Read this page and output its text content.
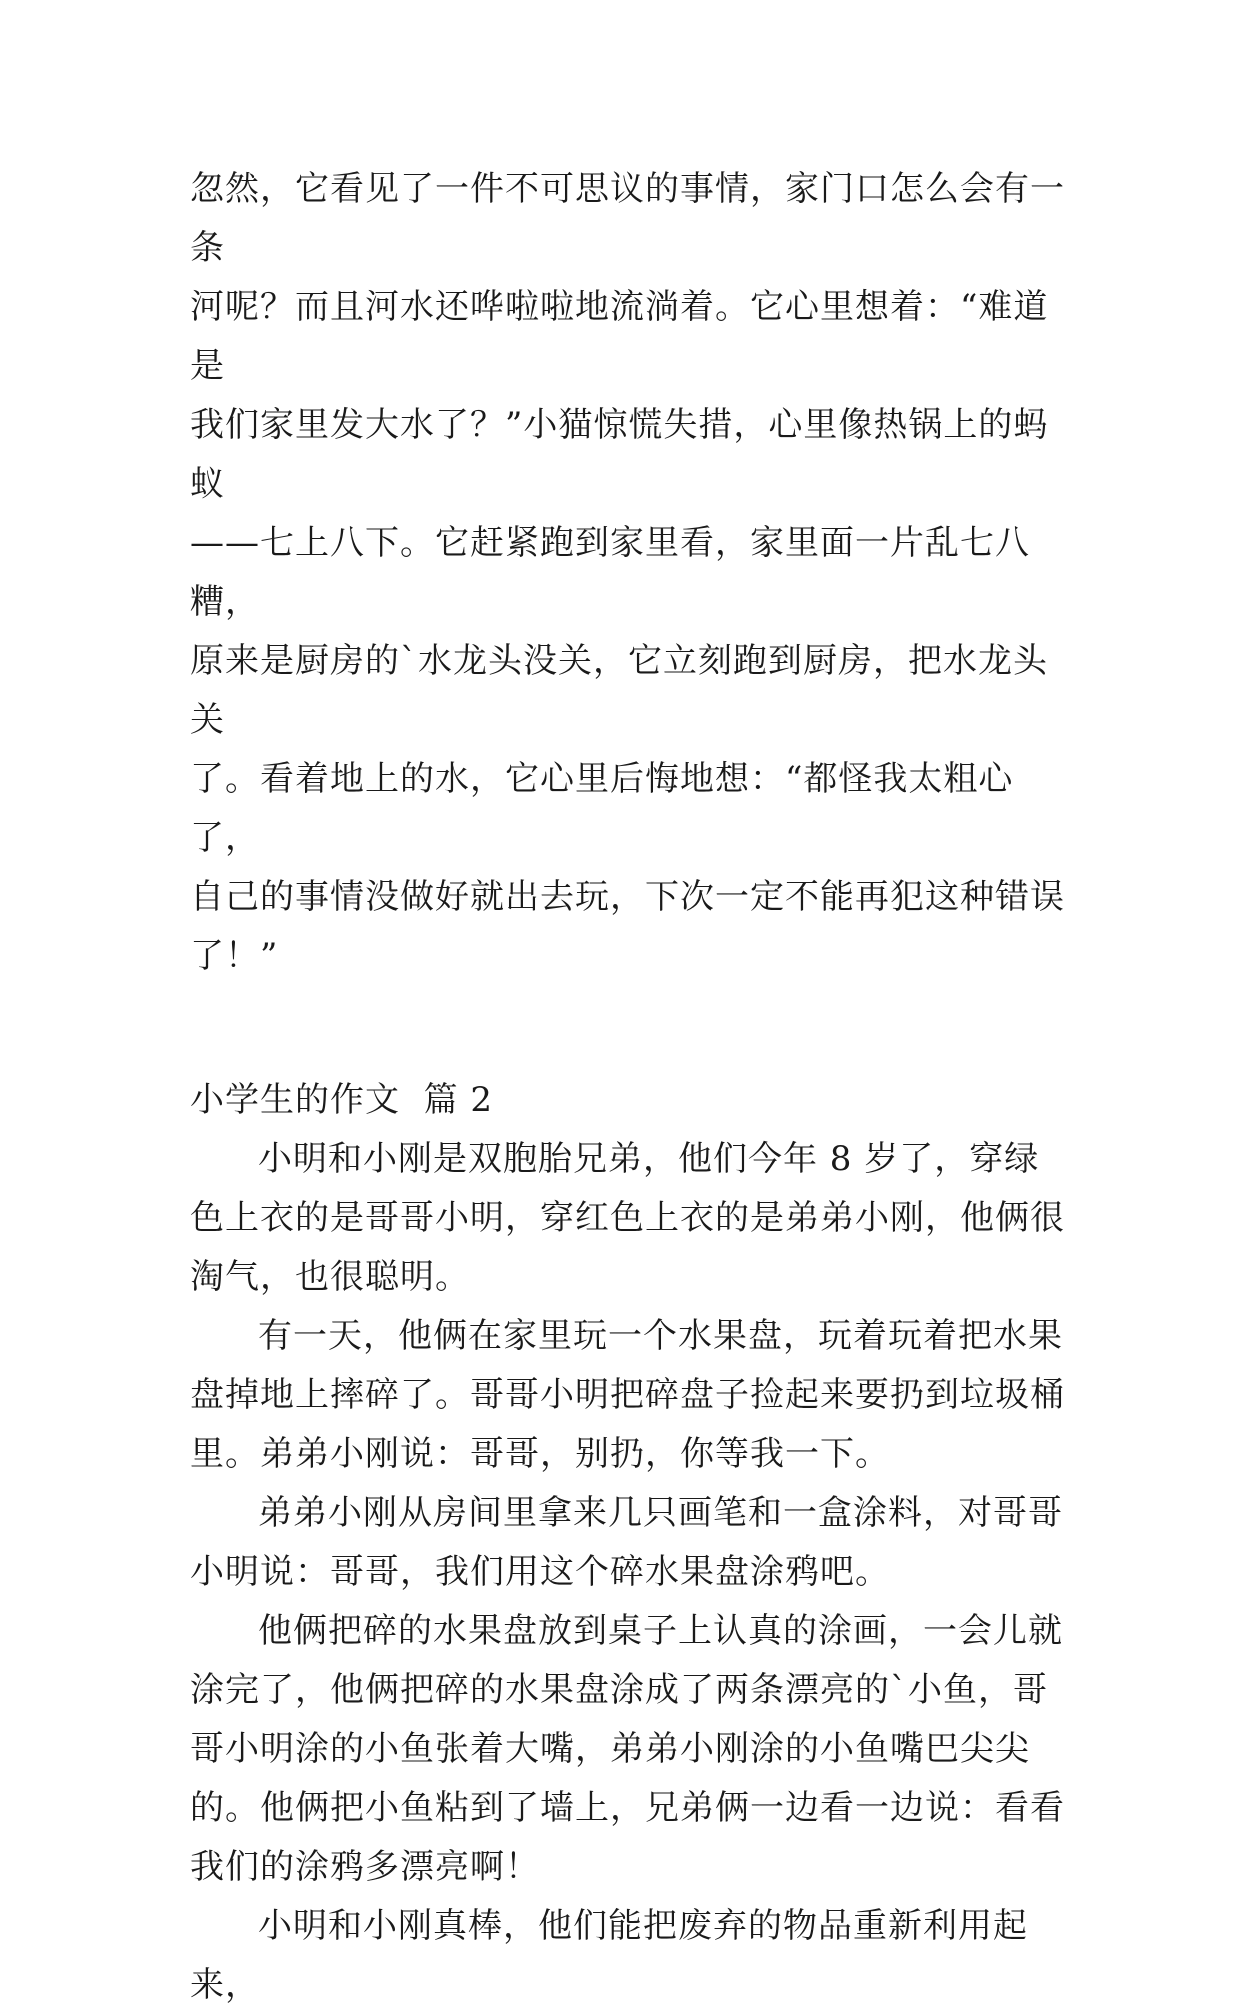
忽然，它看见了一件不可思议的事情，家门口怎么会有一条

河呢？而且河水还哗啦啦地流淌着。它心里想着：“难道是

我们家里发大水了？”小猫惊慌失措，心里像热锅上的蚂蚁

——七上八下。它赶紧跑到家里看，家里面一片乱七八糟，

原来是厨房的`水龙头没关，它立刻跑到厨房，把水龙头关

了。看着地上的水，它心里后悔地想：“都怪我太粗心了，

自己的事情没做好就出去玩，下次一定不能再犯这种错误

了！”

小学生的作文  篇 2

小明和小刚是双胞胎兄弟，他们今年 8 岁了，穿绿色上衣的是哥哥小明，穿红色上衣的是弟弟小刚，他俩很淘气，也很聪明。

有一天，他俩在家里玩一个水果盘，玩着玩着把水果盘掉地上摔碎了。哥哥小明把碎盘子捡起来要扔到垃圾桶里。弟弟小刚说：哥哥，别扔，你等我一下。

弟弟小刚从房间里拿来几只画笔和一盒涂料，对哥哥小明说：哥哥，我们用这个碎水果盘涂鸦吧。

他俩把碎的水果盘放到桌子上认真的涂画，一会儿就涂完了，他俩把碎的水果盘涂成了两条漂亮的`小鱼，哥哥小明涂的小鱼张着大嘴，弟弟小刚涂的小鱼嘴巴尖尖的。他俩把小鱼粘到了墙上，兄弟俩一边看一边说：看看我们的涂鸦多漂亮啊！

小明和小刚真棒，他们能把废弃的物品重新利用起来，
